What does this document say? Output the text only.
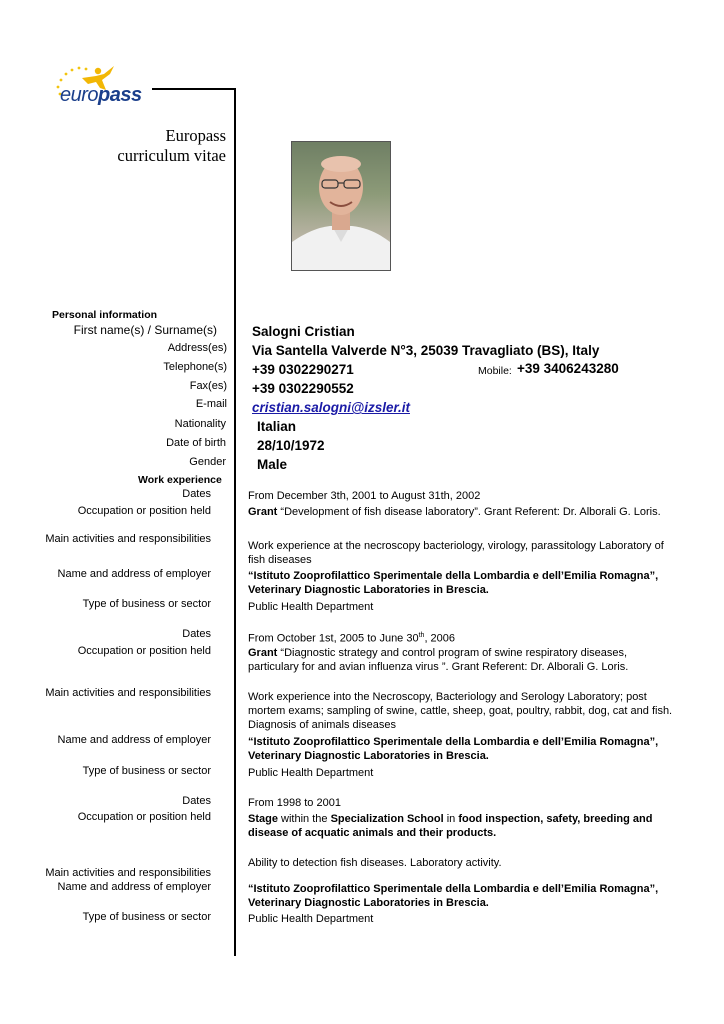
europass
Europass
curriculum vitae
Personal information
First name(s) / Surname(s)	Salogni Cristian
Address(es) Via Santella Valverde N°3, 25039 Travagliato (BS), Italy
Telephone(s) +39 0302290271	Mobile: +39 3406243280
Fax(es) +39 0302290552
E-mail cristian.salogni@izsler.it
Nationality Italian
Date of birth 28/10/1972
Gender Male
Work experience
Dates	From December 3th, 2001 to August 31th, 2002
Occupation or position held	Grant “Development of fish disease laboratory”. Grant Referent: Dr. Alborali G. Loris.
Main activities and responsibilities
Work experience at the necroscopy bacteriology, virology, parassitology Laboratory of fish diseases
Name and address of employer	“Istituto Zooprofilattico Sperimentale della Lombardia e dell’Emilia Romagna”, Veterinary Diagnostic Laboratories in Brescia.
Type of business or sector	Public Health Department
Dates	From October 1st, 2005 to June 30th, 2006
Occupation or position held	Grant “Diagnostic strategy and control program of swine respiratory diseases, particulary for and avian influenza virus ”. Grant Referent: Dr. Alborali G. Loris.
Main activities and responsibilities	Work experience into the Necroscopy, Bacteriology and Serology Laboratory; post mortem exams; sampling of swine, cattle, sheep, goat, poultry, rabbit, dog, cat and fish. Diagnosis of animals diseases
Name and address of employer	“Istituto Zooprofilattico Sperimentale della Lombardia e dell’Emilia Romagna”, Veterinary Diagnostic Laboratories in Brescia.
Type of business or sector	Public Health Department
Dates	From 1998 to 2001
Occupation or position held	Stage within the Specialization School in food inspection, safety, breeding and disease of acquatic animals and their products.
Main activities and responsibilities
Ability to detection fish diseases. Laboratory activity.
Name and address of employer	“Istituto Zooprofilattico Sperimentale della Lombardia e dell’Emilia Romagna”, Veterinary Diagnostic Laboratories in Brescia.
Type of business or sector	Public Health Department
